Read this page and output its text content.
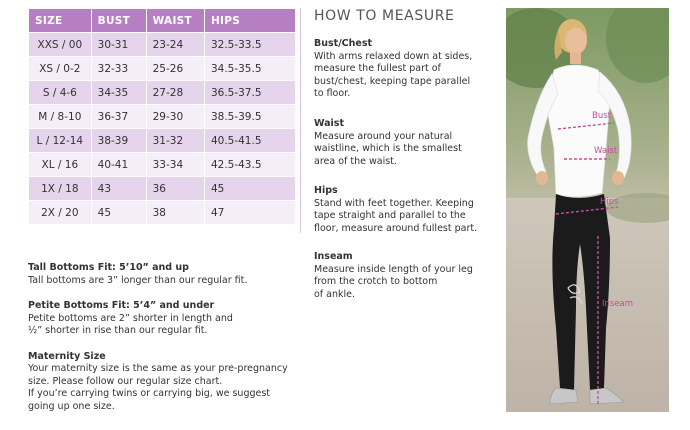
SIZE	BUST	WAIST	HIPS
XXS / 00	30-31	23-24	32.5-33.5
XS / 0-2	32-33	25-26	34.5-35.5
S / 4-6	34-35	27-28	36.5-37.5
M / 8-10	36-37	29-30	38.5-39.5
L / 12-14	38-39	31-32	40.5-41.5
XL / 16	40-41	33-34	42.5-43.5
1X / 18	43	36	45
2X / 20	45	38	47
Tall Bottoms Fit: 5’10” and up
Tall bottoms are 3” longer than our regular fit.
Petite Bottoms Fit: 5’4” and under
Petite bottoms are 2” shorter in length and
½” shorter in rise than our regular fit.
Maternity Size
Your maternity size is the same as your pre-pregnancy
size. Please follow our regular size chart.
If you’re carrying twins or carrying big, we suggest
going up one size.
HOW TO MEASURE
Bust/Chest
With arms relaxed down at sides,
measure the fullest part of
bust/chest, keeping tape parallel
to floor.
Waist
Measure around your natural
waistline, which is the smallest
area of the waist.
Hips
Stand with feet together. Keeping
tape straight and parallel to the
floor, measure around fullest part.
Inseam
Measure inside length of your leg
from the crotch to bottom
of ankle.
Bust
Waist
Hips
Inseam
